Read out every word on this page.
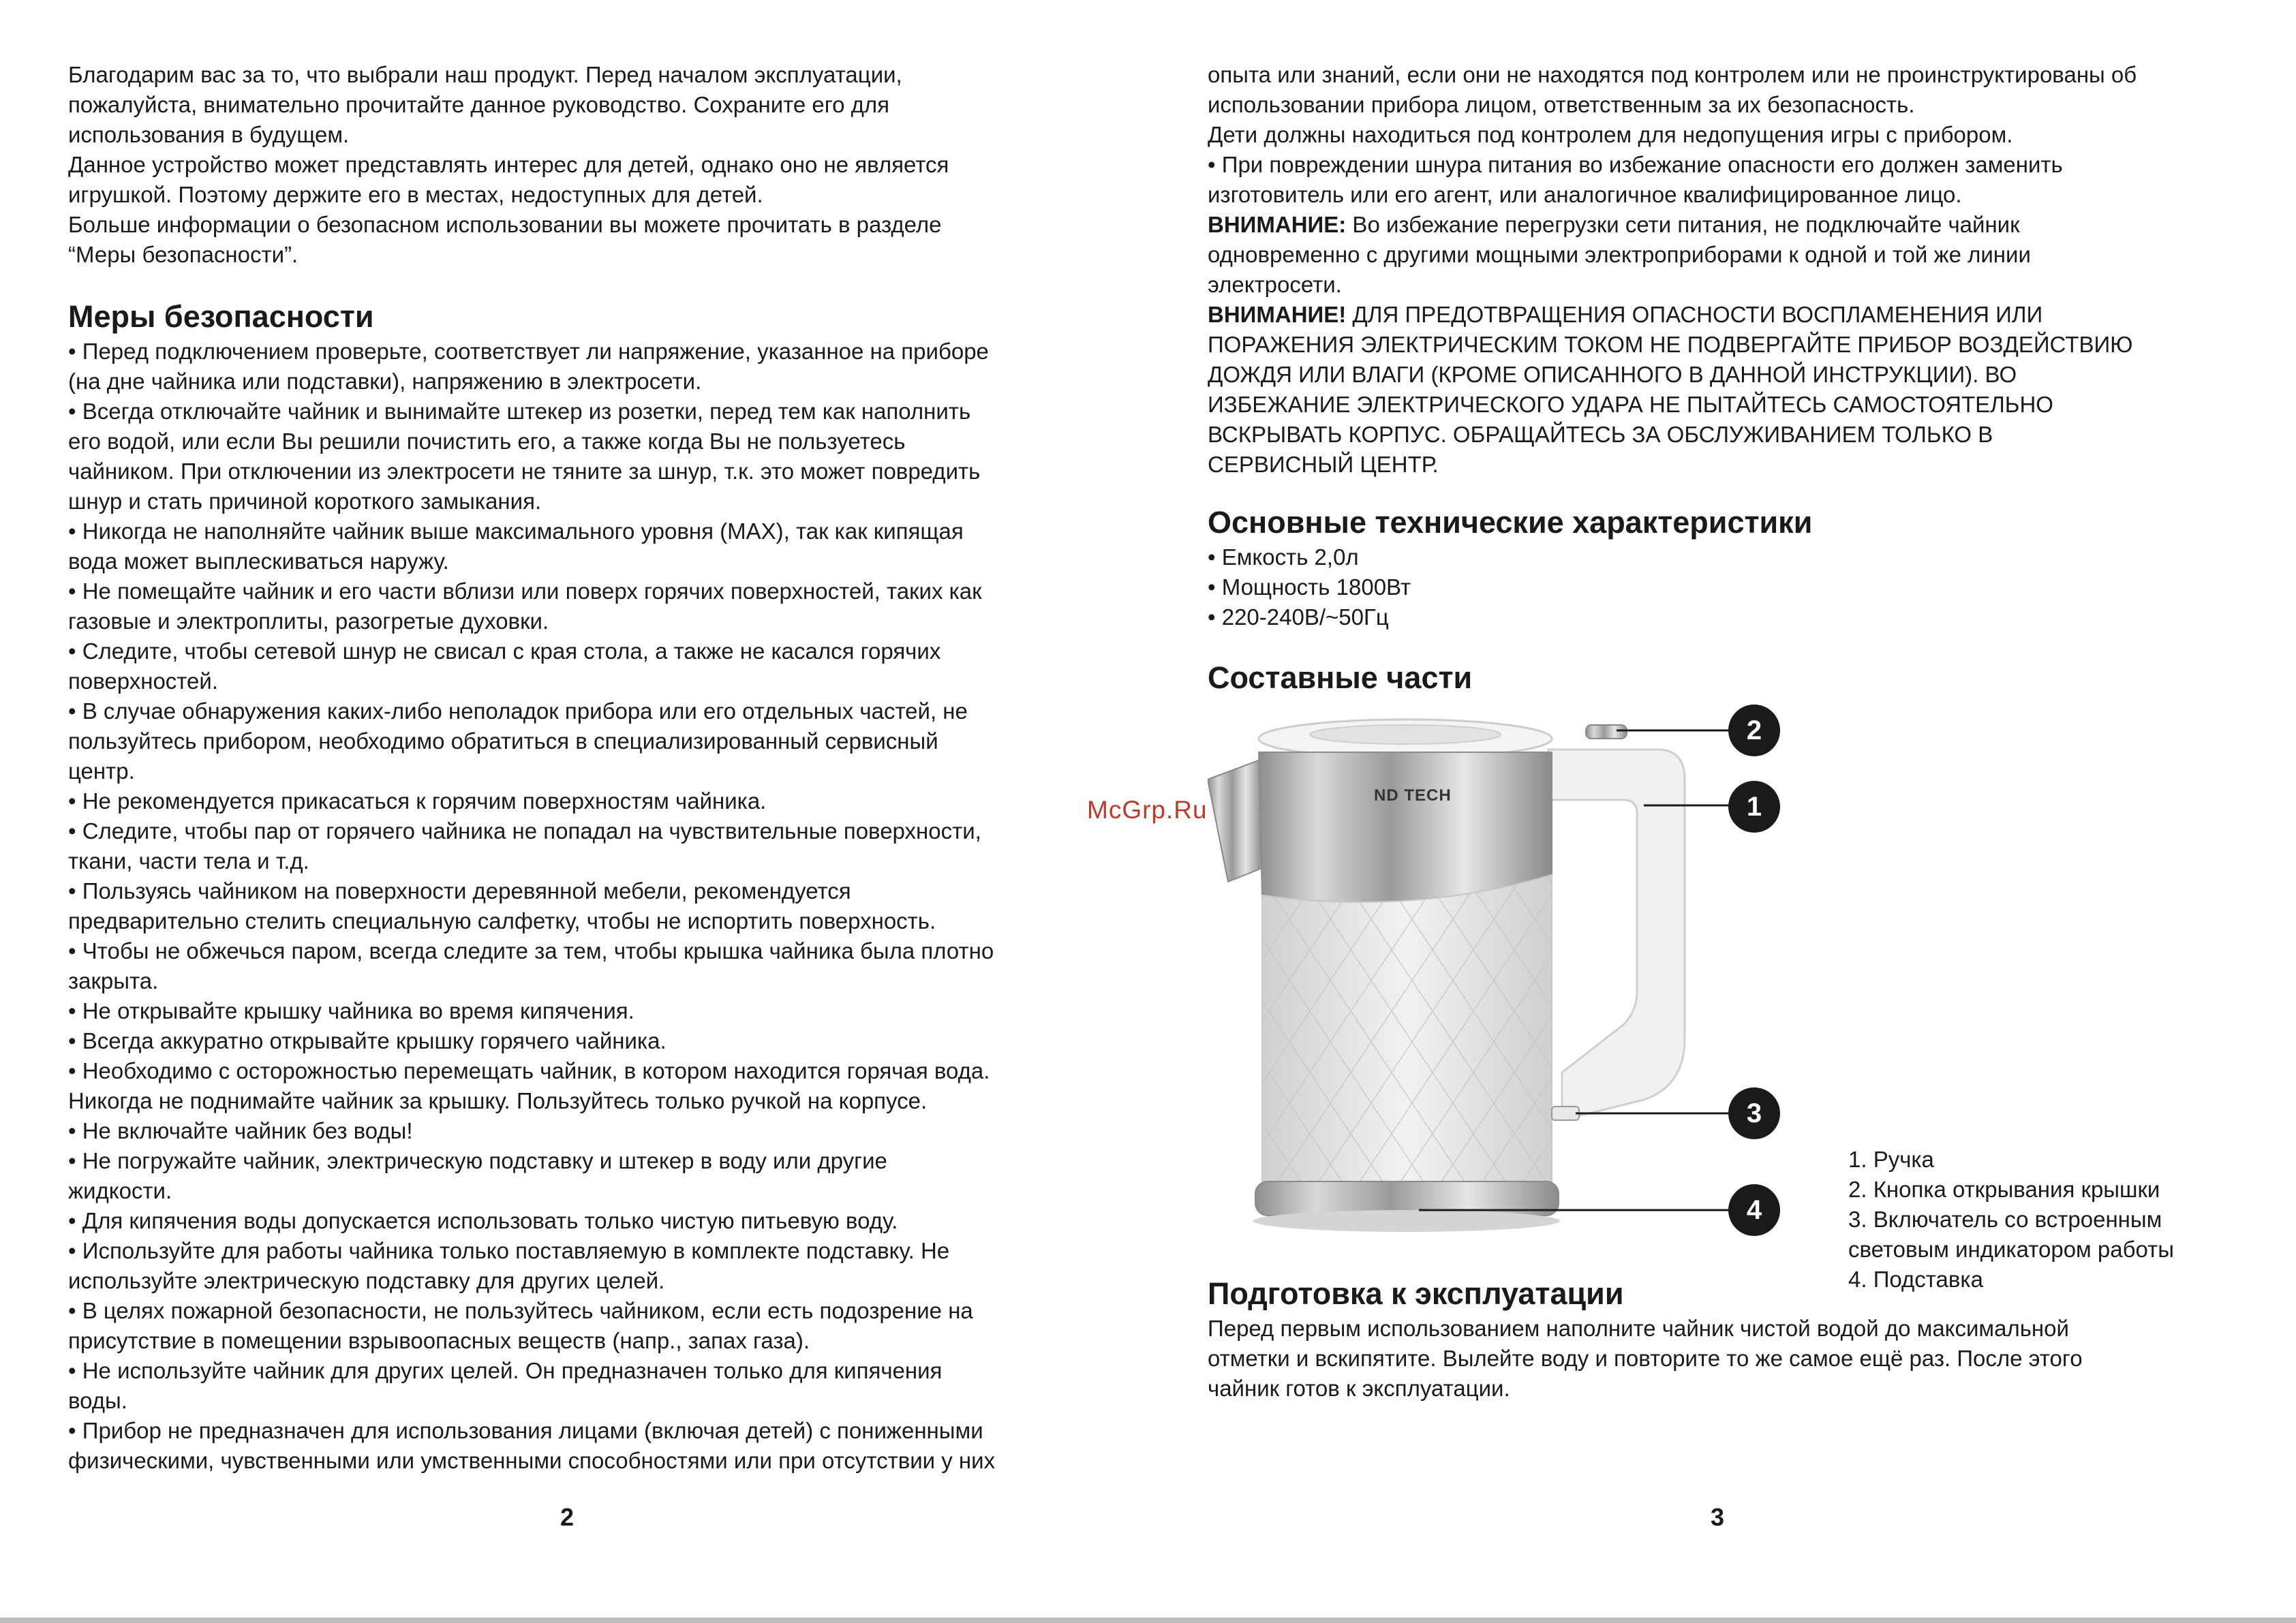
Благодарим вас за то, что выбрали наш продукт. Перед началом эксплуатации,

пожалуйста, внимательно прочитайте данное руководство. Сохраните его для

использования в будущем.

Данное устройство может представлять интерес для детей, однако оно не является

игрушкой. Поэтому держите его в местах, недоступных для детей.

Больше информации о безопасном использовании вы можете прочитать в разделе

“Меры безопасности”.

Меры безопасности

• Перед подключением проверьте, соответствует ли напряжение, указанное на приборе

(на дне чайника или подставки), напряжению в электросети.

• Всегда отключайте чайник и вынимайте штекер из розетки, перед тем как наполнить

его водой, или если Вы решили почистить его, а также когда Вы не пользуетесь

чайником. При отключении из электросети не тяните за шнур, т.к. это может повредить

шнур и стать причиной короткого замыкания.

• Никогда не наполняйте чайник выше максимального уровня (MAX), так как кипящая

вода может выплескиваться наружу.

• Не помещайте чайник и его части вблизи или поверх горячих поверхностей, таких как

газовые и электроплиты, разогретые духовки.

• Следите, чтобы сетевой шнур не свисал с края стола, а также не касался горячих

поверхностей.

• В случае обнаружения каких-либо неполадок прибора или его отдельных частей, не

пользуйтесь прибором, необходимо обратиться в специализированный сервисный

центр.

• Не рекомендуется прикасаться к горячим поверхностям чайника.

• Следите, чтобы пар от горячего чайника не попадал на чувствительные поверхности,

ткани, части тела и т.д.

• Пользуясь чайником на поверхности деревянной мебели, рекомендуется

предварительно стелить специальную салфетку, чтобы не испортить поверхность.

• Чтобы не обжечься паром, всегда следите за тем, чтобы крышка чайника была плотно

закрыта.

• Не открывайте крышку чайника во время кипячения.

• Всегда аккуратно открывайте крышку горячего чайника.

• Необходимо с осторожностью перемещать чайник, в котором находится горячая вода.

Никогда не поднимайте чайник за крышку. Пользуйтесь только ручкой на корпусе.

• Не включайте чайник без воды!

• Не погружайте чайник, электрическую подставку и штекер в воду или другие

жидкости.

• Для кипячения воды допускается использовать только чистую питьевую воду.

• Используйте для работы чайника только поставляемую в комплекте подставку. Не

используйте электрическую подставку для других целей.

• В целях пожарной безопасности, не пользуйтесь чайником, если есть подозрение на

присутствие в помещении взрывоопасных веществ (напр., запах газа).

• Не используйте чайник для других целей. Он предназначен только для кипячения

воды.

• Прибор не предназначен для использования лицами (включая детей) с пониженными

физическими, чувственными или умственными способностями или при отсутствии у них

2
McGrp.Ru

опыта или знаний, если они не находятся под контролем или не проинструктированы об

использовании прибора лицом, ответственным за их безопасность.

Дети должны находиться под контролем для недопущения игры с прибором.

• При повреждении шнура питания во избежание опасности его должен заменить

изготовитель или его агент, или аналогичное квалифицированное лицо.

ВНИМАНИЕ: Во избежание перегрузки сети питания, не подключайте чайник

одновременно с другими мощными электроприборами к одной и той же линии

электросети.

ВНИМАНИЕ! ДЛЯ ПРЕДОТВРАЩЕНИЯ ОПАСНОСТИ ВОСПЛАМЕНЕНИЯ ИЛИ

ПОРАЖЕНИЯ ЭЛЕКТРИЧЕСКИМ ТОКОМ НЕ ПОДВЕРГАЙТЕ ПРИБОР ВОЗДЕЙСТВИЮ

ДОЖДЯ ИЛИ ВЛАГИ (КРОМЕ ОПИСАННОГО В ДАННОЙ ИНСТРУКЦИИ). ВО

ИЗБЕЖАНИЕ ЭЛЕКТРИЧЕСКОГО УДАРА НЕ ПЫТАЙТЕСЬ САМОСТОЯТЕЛЬНО

ВСКРЫВАТЬ КОРПУС. ОБРАЩАЙТЕСЬ ЗА ОБСЛУЖИВАНИЕМ ТОЛЬКО В

СЕРВИСНЫЙ ЦЕНТР.

Основные технические характеристики

• Емкость 2,0л

• Мощность 1800Вт

• 220-240В/~50Гц

Составные части
ND TECH
2
1
3
4

1. Ручка

2. Кнопка открывания крышки

3. Включатель со встроенным

световым индикатором работы

4. Подставка

Подготовка к эксплуатации

Перед первым использованием наполните чайник чистой водой до максимальной

отметки и вскипятите. Вылейте воду и повторите то же самое ещё раз. После этого

чайник готов к эксплуатации.

3
